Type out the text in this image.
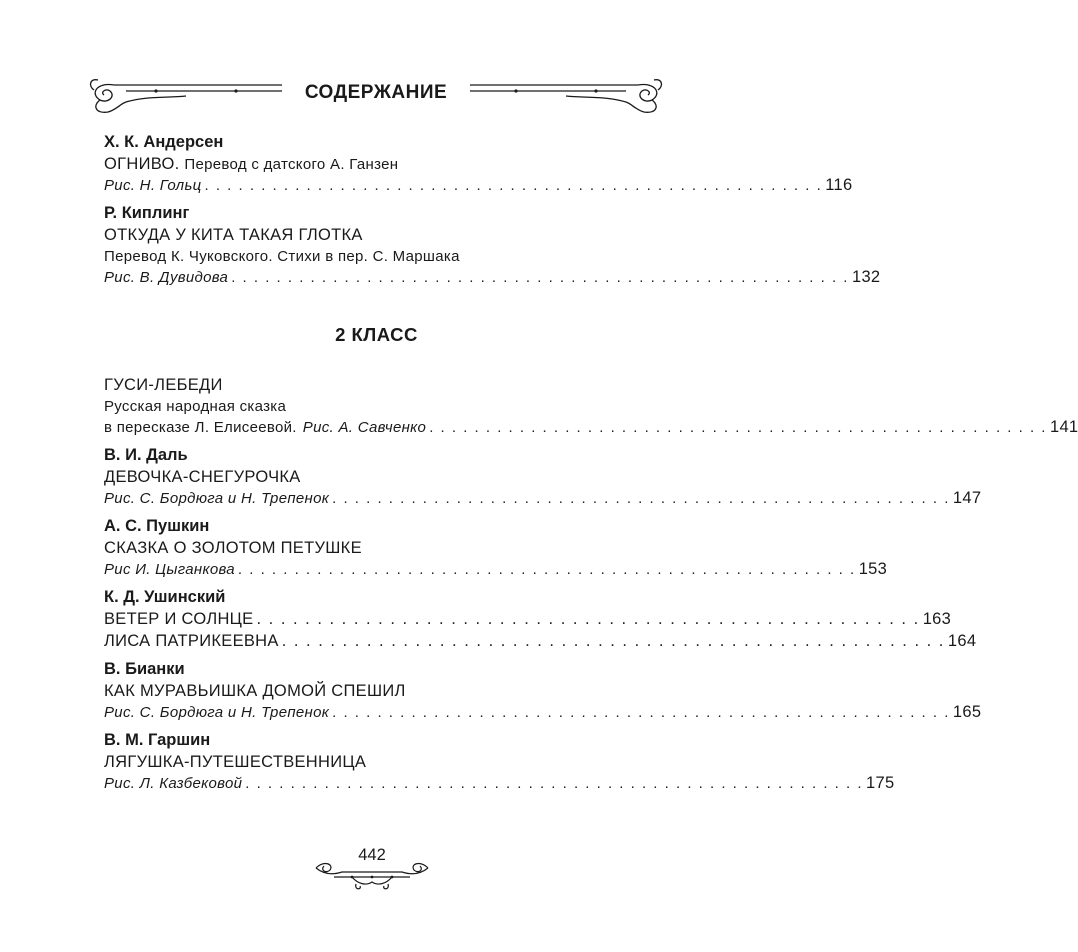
СОДЕРЖАНИЕ

Х. К. Андерсен

ОГНИВО. Перевод с датского А. Ганзен

Рис. Н. Гольц . . . . . . . . . . . . . . . . . . . . . . . . . . . . . . . . . . . . . . . . . . . . . . . . . . . . . . . 116

Р. Киплинг

ОТКУДА У КИТА ТАКАЯ ГЛОТКА

Перевод К. Чуковского. Стихи в пер. С. Маршака

Рис. В. Дувидова . . . . . . . . . . . . . . . . . . . . . . . . . . . . . . . . . . . . . . . . . . . . . . . . . . . . . . . 132

2 КЛАСС

ГУСИ-ЛЕБЕДИ

Русская народная сказка

в пересказе Л. Елисеевой. Рис. А. Савченко . . . . . . . . . . . . . . . . . . . . . . . . . . . . . . . . . . . . . . . . . . . . . . . . . . . . . . . 141

В. И. Даль

ДЕВОЧКА-СНЕГУРОЧКА

Рис. С. Бордюга и Н. Трепенок . . . . . . . . . . . . . . . . . . . . . . . . . . . . . . . . . . . . . . . . . . . . . . . . . . . . . . . 147

А. С. Пушкин

СКАЗКА О ЗОЛОТОМ ПЕТУШКЕ

Рис И. Цыганкова . . . . . . . . . . . . . . . . . . . . . . . . . . . . . . . . . . . . . . . . . . . . . . . . . . . . . . . 153

К. Д. Ушинский

ВЕТЕР И СОЛНЦЕ . . . . . . . . . . . . . . . . . . . . . . . . . . . . . . . . . . . . . . . . . . . . . . . . . . . . . . . 163
ЛИСА ПАТРИКЕЕВНА . . . . . . . . . . . . . . . . . . . . . . . . . . . . . . . . . . . . . . . . . . . . . . . . . . . . . . . 164

В. Бианки

КАК МУРАВЬИШКА ДОМОЙ СПЕШИЛ

Рис. С. Бордюга и Н. Трепенок . . . . . . . . . . . . . . . . . . . . . . . . . . . . . . . . . . . . . . . . . . . . . . . . . . . . . . . 165

В. М. Гаршин

ЛЯГУШКА-ПУТЕШЕСТВЕННИЦА

Рис. Л. Казбековой . . . . . . . . . . . . . . . . . . . . . . . . . . . . . . . . . . . . . . . . . . . . . . . . . . . . . . . 175
442
